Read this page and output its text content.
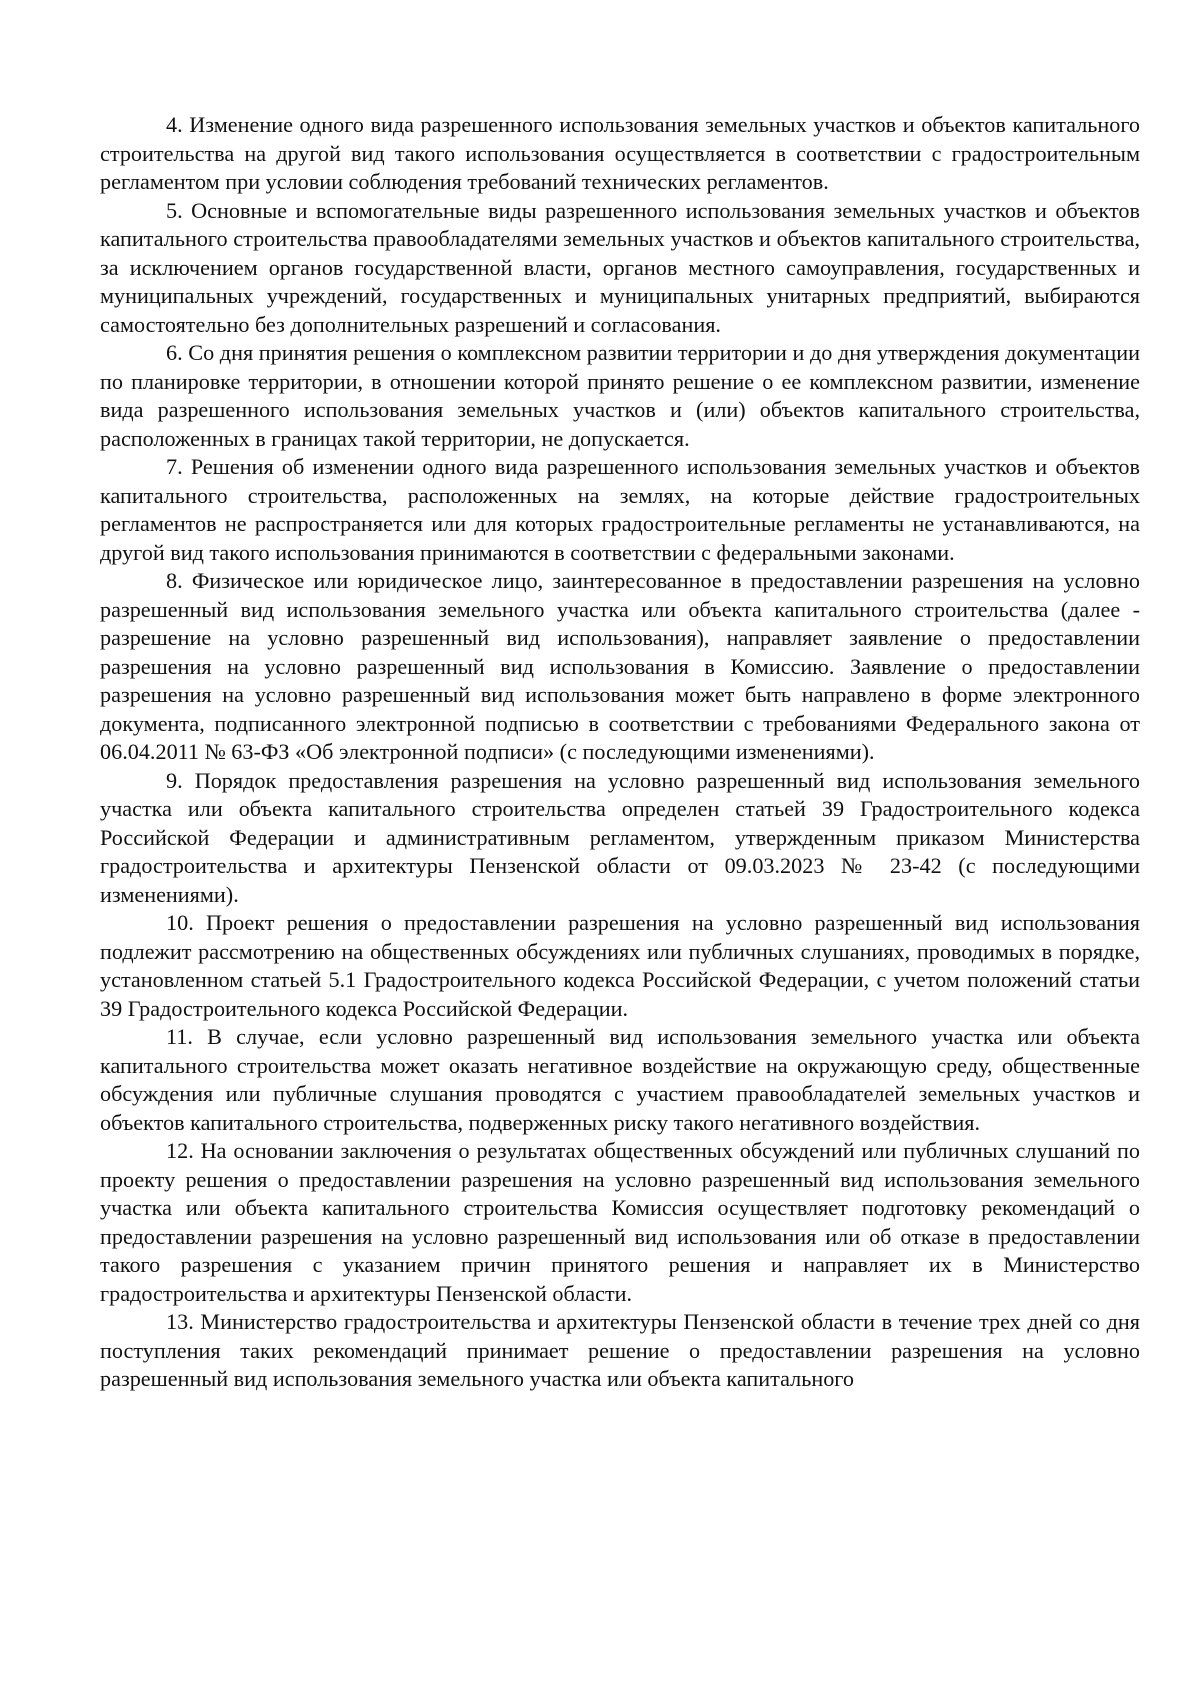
4. Изменение одного вида разрешенного использования земельных участков и объектов капитального строительства на другой вид такого использования осуществляется в соответствии с градостроительным регламентом при условии соблюдения требований технических регламентов.

5. Основные и вспомогательные виды разрешенного использования земельных участков и объектов капитального строительства правообладателями земельных участков и объектов капитального строительства, за исключением органов государственной власти, органов местного самоуправления, государственных и муниципальных учреждений, государственных и муниципальных унитарных предприятий, выбираются самостоятельно без дополнительных разрешений и согласования.

6. Со дня принятия решения о комплексном развитии территории и до дня утверждения документации по планировке территории, в отношении которой принято решение о ее комплексном развитии, изменение вида разрешенного использования земельных участков и (или) объектов капитального строительства, расположенных в границах такой территории, не допускается.

7. Решения об изменении одного вида разрешенного использования земельных участков и объектов капитального строительства, расположенных на землях, на которые действие градостроительных регламентов не распространяется или для которых градостроительные регламенты не устанавливаются, на другой вид такого использования принимаются в соответствии с федеральными законами.

8. Физическое или юридическое лицо, заинтересованное в предоставлении разрешения на условно разрешенный вид использования земельного участка или объекта капитального строительства (далее - разрешение на условно разрешенный вид использования), направляет заявление о предоставлении разрешения на условно разрешенный вид использования в Комиссию. Заявление о предоставлении разрешения на условно разрешенный вид использования может быть направлено в форме электронного документа, подписанного электронной подписью в соответствии с требованиями Федерального закона от 06.04.2011 № 63-ФЗ «Об электронной подписи» (с последующими изменениями).

9. Порядок предоставления разрешения на условно разрешенный вид использования земельного участка или объекта капитального строительства определен статьей 39 Градостроительного кодекса Российской Федерации и административным регламентом, утвержденным приказом Министерства градостроительства и архитектуры Пензенской области от 09.03.2023 № 23-42 (с последующими изменениями).

10. Проект решения о предоставлении разрешения на условно разрешенный вид использования подлежит рассмотрению на общественных обсуждениях или публичных слушаниях, проводимых в порядке, установленном статьей 5.1 Градостроительного кодекса Российской Федерации, с учетом положений статьи 39 Градостроительного кодекса Российской Федерации.

11. В случае, если условно разрешенный вид использования земельного участка или объекта капитального строительства может оказать негативное воздействие на окружающую среду, общественные обсуждения или публичные слушания проводятся с участием правообладателей земельных участков и объектов капитального строительства, подверженных риску такого негативного воздействия.

12. На основании заключения о результатах общественных обсуждений или публичных слушаний по проекту решения о предоставлении разрешения на условно разрешенный вид использования земельного участка или объекта капитального строительства Комиссия осуществляет подготовку рекомендаций о предоставлении разрешения на условно разрешенный вид использования или об отказе в предоставлении такого разрешения с указанием причин принятого решения и направляет их в Министерство градостроительства и архитектуры Пензенской области.

13. Министерство градостроительства и архитектуры Пензенской области в течение трех дней со дня поступления таких рекомендаций принимает решение о предоставлении разрешения на условно разрешенный вид использования земельного участка или объекта капитального
